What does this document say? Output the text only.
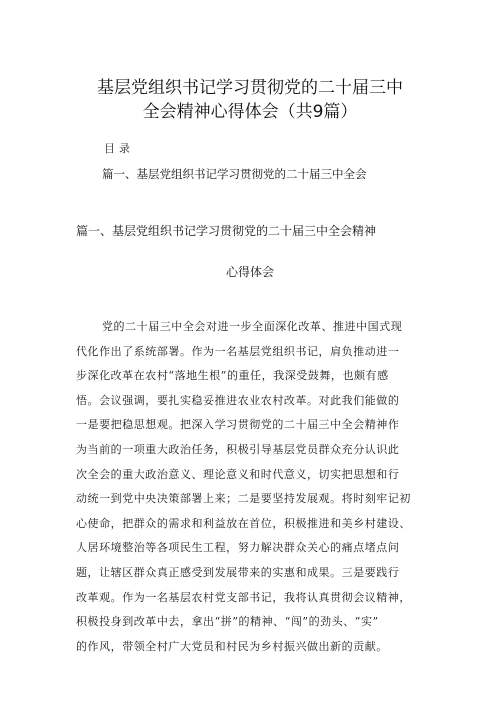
基层党组织书记学习贯彻党的二十届三中
全会精神心得体会（共9篇）
目录
篇一、基层党组织书记学习贯彻党的二十届三中全会
篇一、基层党组织书记学习贯彻党的二十届三中全会精神
心得体会
党的二十届三中全会对进一步全面深化改革、推进中国式现
代化作出了系统部署。作为一名基层党组织书记，肩负推动进一
步深化改革在农村“落地生根”的重任，我深受鼓舞，也颇有感
悟。会议强调，要扎实稳妥推进农业农村改革。对此我们能做的
一是要把稳思想观。把深入学习贯彻党的二十届三中全会精神作
为当前的一项重大政治任务，积极引导基层党员群众充分认识此
次全会的重大政治意义、理论意义和时代意义，切实把思想和行
动统一到党中央决策部署上来；二是要坚持发展观。将时刻牢记初
心使命，把群众的需求和利益放在首位，积极推进和美乡村建设、
人居环境整治等各项民生工程，努力解决群众关心的痛点堵点问
题，让辖区群众真正感受到发展带来的实惠和成果。三是要践行
改革观。作为一名基层农村党支部书记，我将认真贯彻会议精神，
积极投身到改革中去，拿出“拼”的精神、“闯”的劲头、“实”
的作风，带领全村广大党员和村民为乡村振兴做出新的贡献。
